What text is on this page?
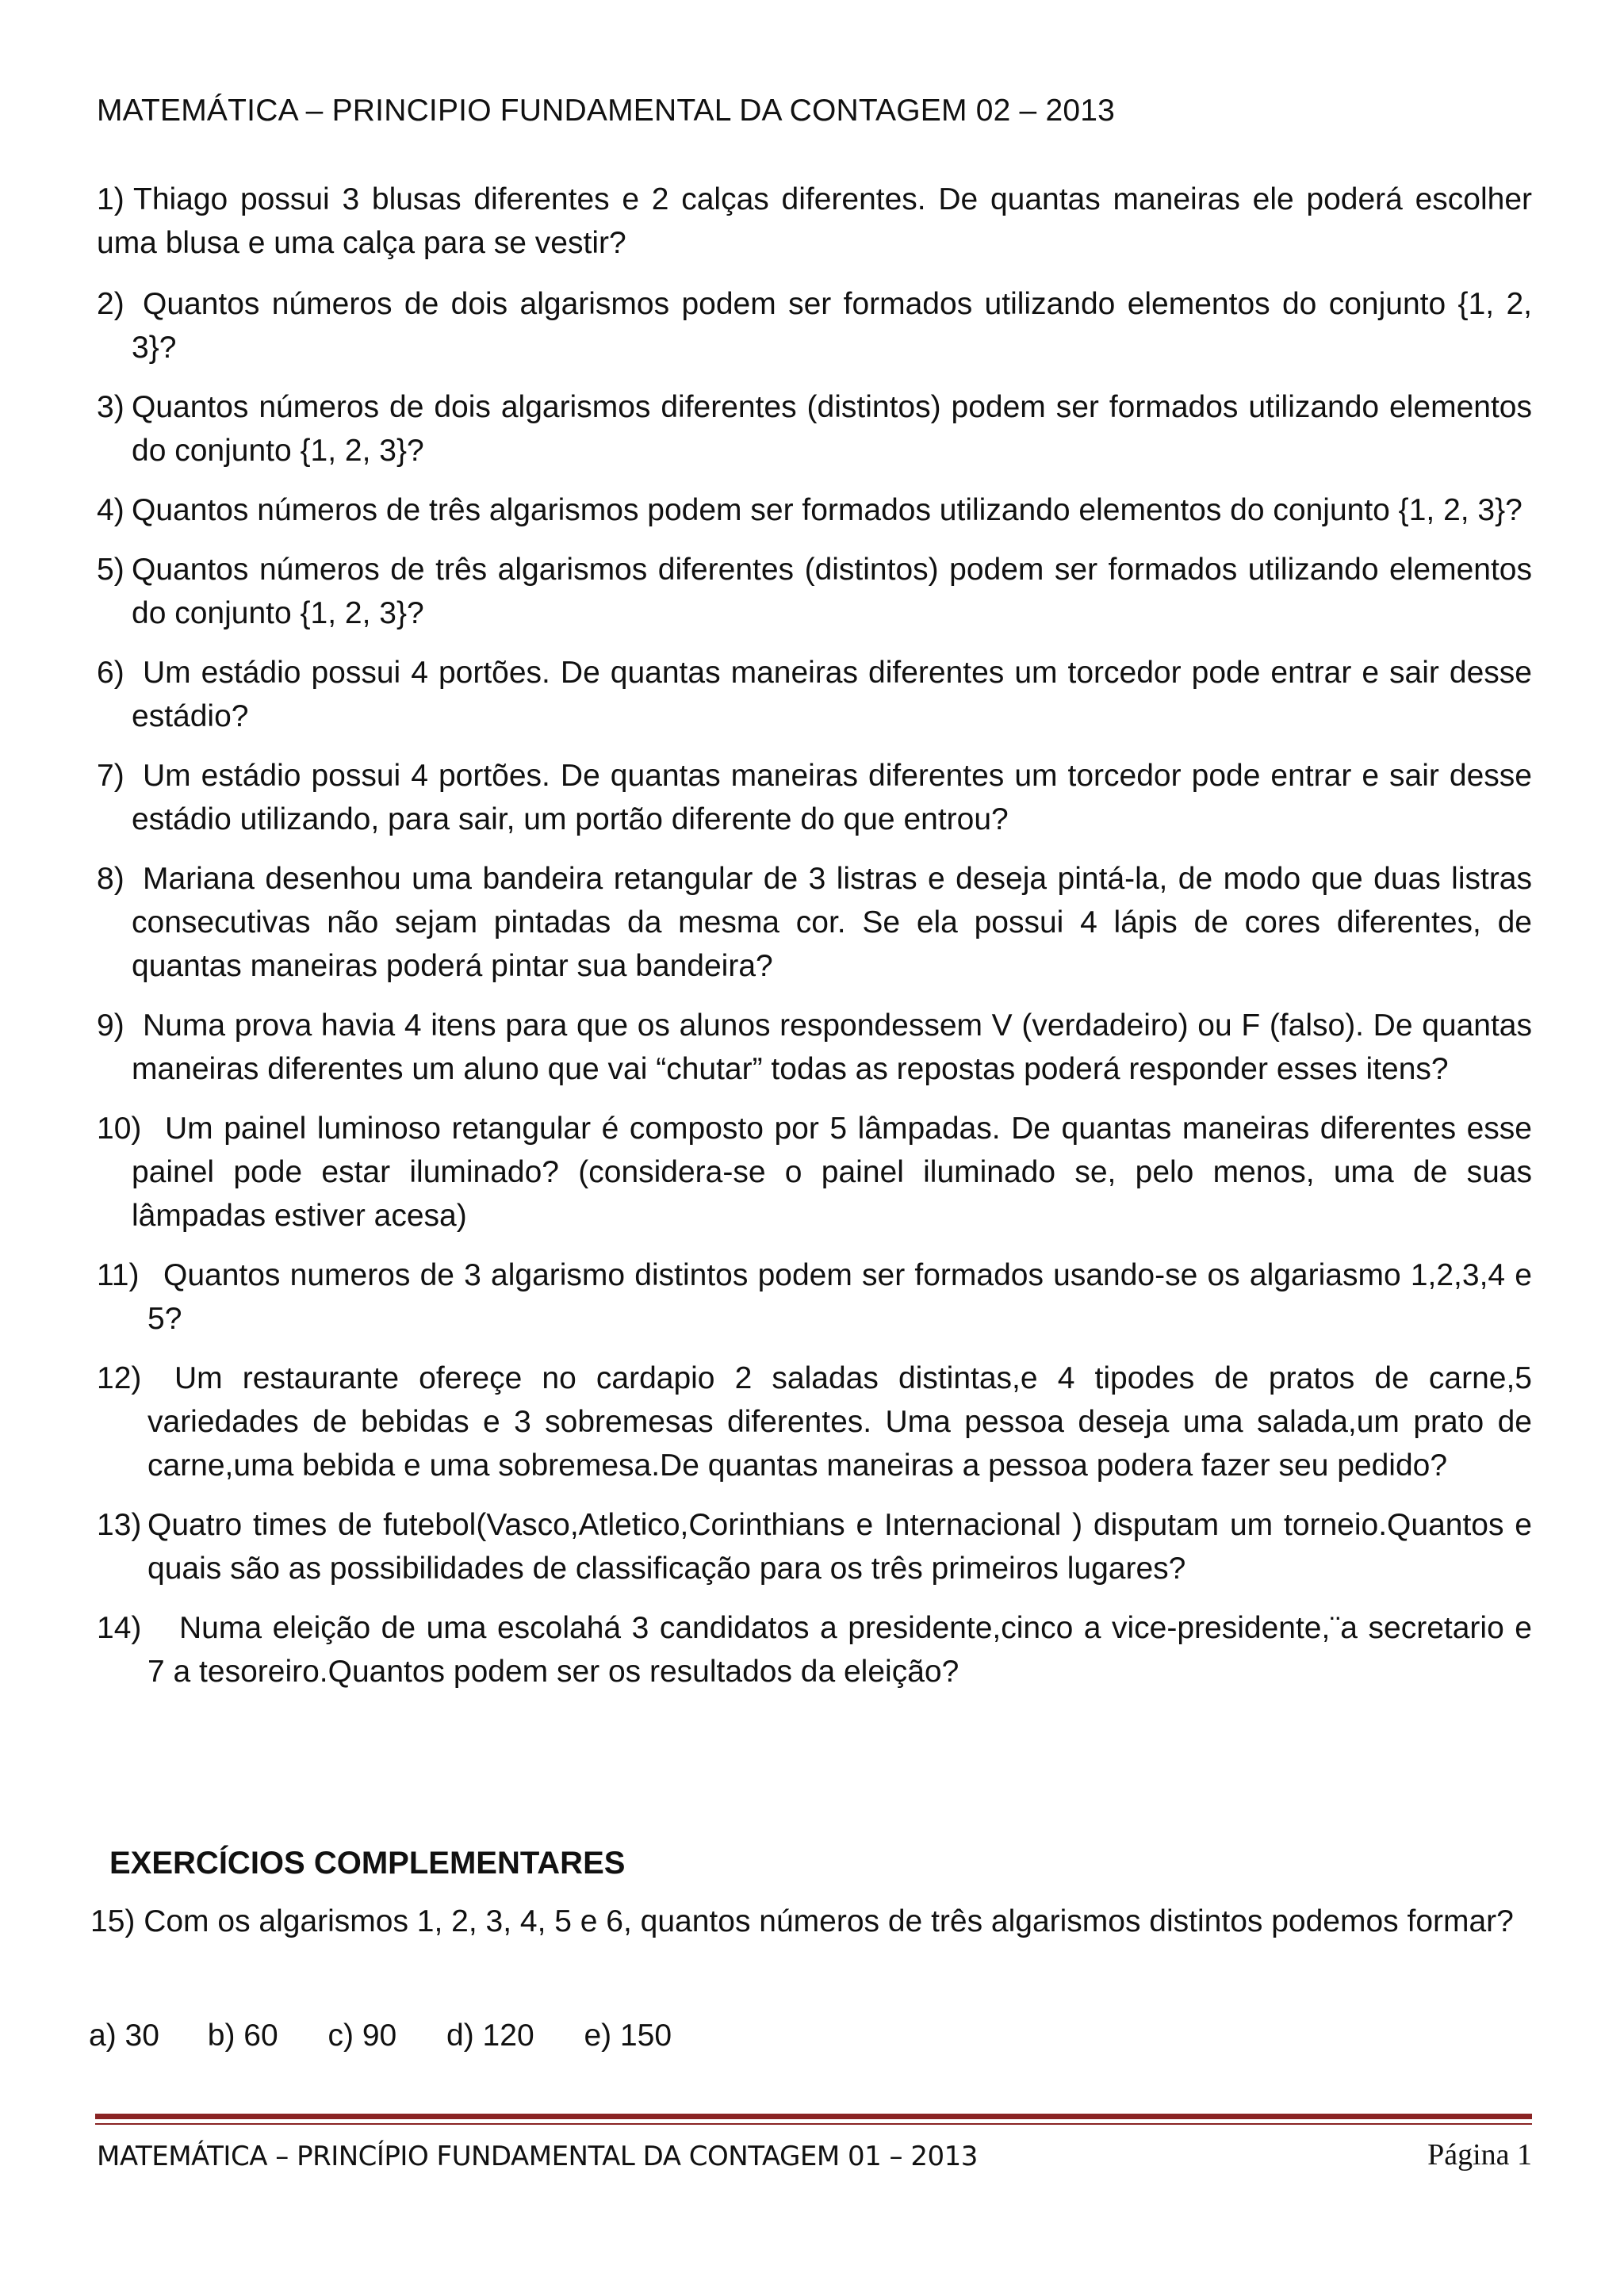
MATEMÁTICA – PRINCIPIO FUNDAMENTAL DA CONTAGEM 02 – 2013
1) Thiago possui 3 blusas diferentes e 2 calças diferentes. De quantas maneiras ele poderá escolher uma blusa e uma calça para se vestir?
2) Quantos números de dois algarismos podem ser formados utilizando elementos do conjunto {1, 2, 3}?
3) Quantos números de dois algarismos diferentes (distintos) podem ser formados utilizando elementos do conjunto {1, 2, 3}?
4) Quantos números de três algarismos podem ser formados utilizando elementos do conjunto {1, 2, 3}?
5) Quantos números de três algarismos diferentes (distintos) podem ser formados utilizando elementos do conjunto {1, 2, 3}?
6) Um estádio possui 4 portões. De quantas maneiras diferentes um torcedor pode entrar e sair desse estádio?
7) Um estádio possui 4 portões. De quantas maneiras diferentes um torcedor pode entrar e sair desse estádio utilizando, para sair, um portão diferente do que entrou?
8) Mariana desenhou uma bandeira retangular de 3 listras e deseja pintá-la, de modo que duas listras consecutivas não sejam pintadas da mesma cor. Se ela possui 4 lápis de cores diferentes, de quantas maneiras poderá pintar sua bandeira?
9) Numa prova havia 4 itens para que os alunos respondessem V (verdadeiro) ou F (falso). De quantas maneiras diferentes um aluno que vai “chutar” todas as repostas poderá responder esses itens?
10) Um painel luminoso retangular é composto por 5 lâmpadas. De quantas maneiras diferentes esse painel pode estar iluminado? (considera-se o painel iluminado se, pelo menos, uma de suas lâmpadas estiver acesa)
11) Quantos numeros de 3 algarismo distintos podem ser formados usando-se os algariasmo 1,2,3,4 e 5?
12)	Um restaurante ofereçe no cardapio 2 saladas distintas,e 4 tipodes de pratos de carne,5 variedades de bebidas e 3 sobremesas diferentes. Uma pessoa deseja uma salada,um prato de carne,uma bebida e uma sobremesa.De quantas maneiras a pessoa podera fazer seu pedido?
13) Quatro times de futebol(Vasco,Atletico,Corinthians e Internacional ) disputam um torneio.Quantos e quais são as possibilidades de classificação para os três primeiros lugares?
14)	Numa eleição de uma escolahá 3 candidatos a presidente,cinco a vice-presidente,¨a secretario e 7 a tesoreiro.Quantos podem ser os resultados da eleição?
EXERCÍCIOS COMPLEMENTARES
15) Com os algarismos 1, 2, 3, 4, 5 e 6, quantos números de três algarismos distintos podemos formar?
a) 30 b) 60 c) 90 d) 120 e) 150
MATEMÁTICA – PRINCÍPIO FUNDAMENTAL DA CONTAGEM 01 – 2013	Página 1
